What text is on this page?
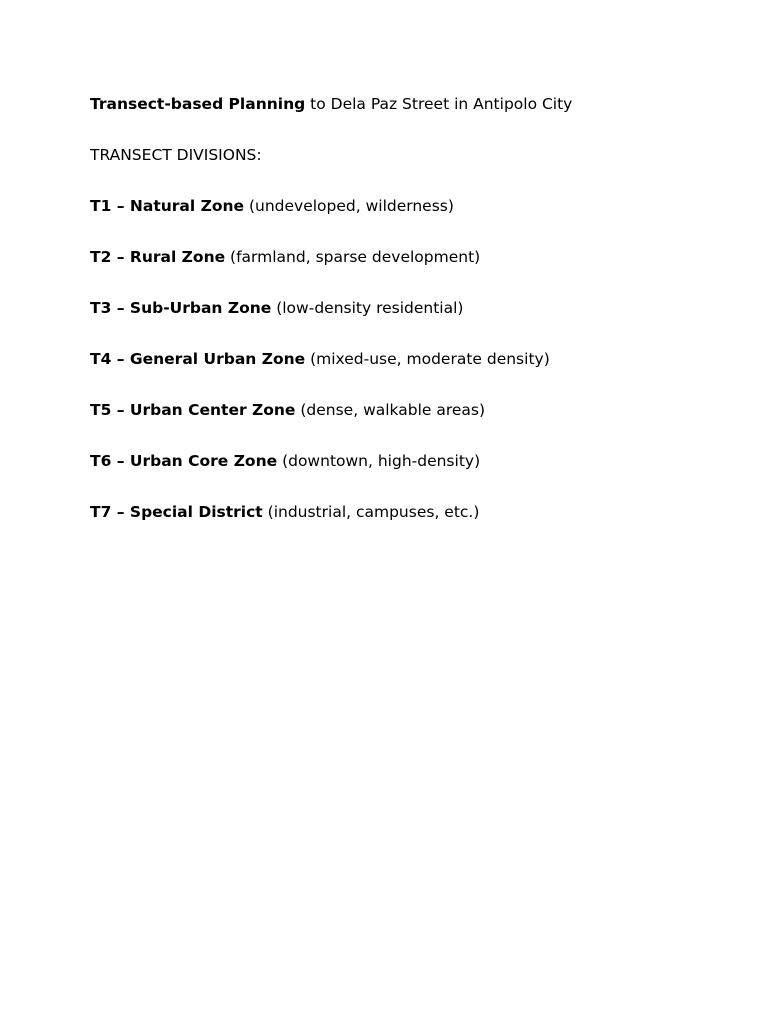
Transect-based Planning to Dela Paz Street in Antipolo City

TRANSECT DIVISIONS:

T1 – Natural Zone (undeveloped, wilderness)

T2 – Rural Zone (farmland, sparse development)

T3 – Sub-Urban Zone (low-density residential)

T4 – General Urban Zone (mixed-use, moderate density)

T5 – Urban Center Zone (dense, walkable areas)

T6 – Urban Core Zone (downtown, high-density)

T7 – Special District (industrial, campuses, etc.)
